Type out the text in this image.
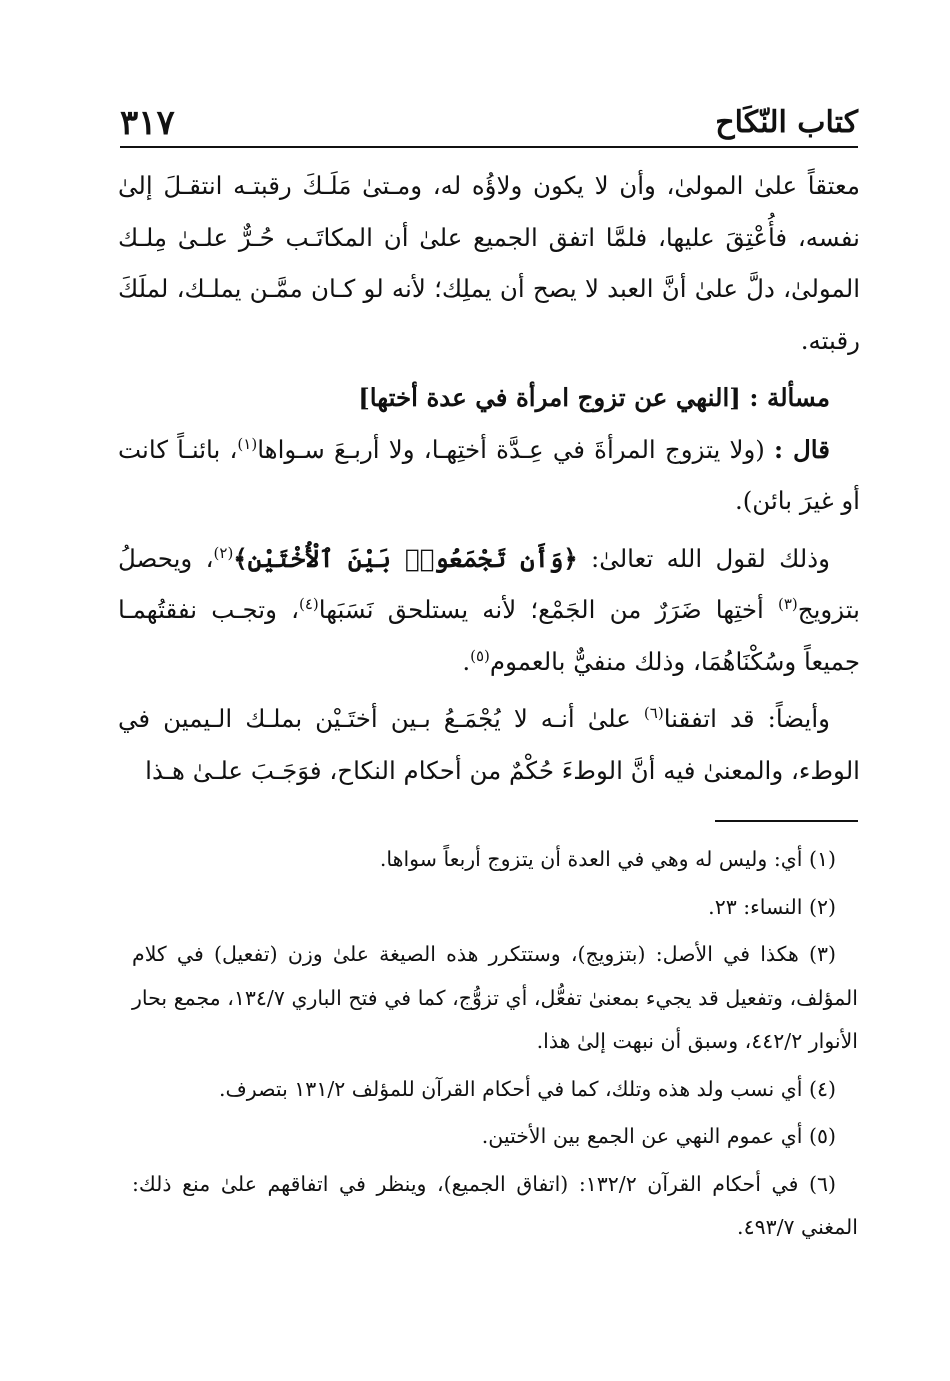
كتاب النّكَاح
٣١٧

معتقاً علىٰ المولىٰ، وأن لا يكون ولاؤُه له، ومـتىٰ مَلَـكَ رقبتـه انتقـلَ إلىٰ نفسه، فأُعْتِقَ عليها، فلمَّا اتفق الجميع علىٰ أن المكاتَـب حُـرٌّ علـىٰ مِلـك المولىٰ، دلَّ علىٰ أنَّ العبد لا يصح أن يملِك؛ لأنه لو كـان ممَّـن يملـك، لملَكَ رقبته.

مسألة : [النهي عن تزوج امرأة في عدة أختها]

قال : (ولا يتزوج المرأةَ في عِـدَّة أختِهـا، ولا أربـعَ سـواها$^{(١)}$، بائنـاً كانت أو غيرَ بائن).

وذلك لقول الله تعالىٰ: ﴿وَأَن تَجْمَعُوا۟ بَيْنَ ٱلْأُخْتَيْنِ﴾$^{(٢)}$، ويحصلُ بتزويج$^{(٣)}$ أختِها ضَرَرٌ من الجَمْع؛ لأنه يستلحق نَسَبَها$^{(٤)}$، وتجـب نفقتُهمـا جميعاً وسُكْنَاهُمَا، وذلك منفيٌّ بالعموم$^{(٥)}$.

وأيضاً: قد اتفقنا$^{(٦)}$ علىٰ أنـه لا يُجْمَـعُ بـين أختَـيْن بملـك الـيمين في الوطء، والمعنىٰ فيه أنَّ الوطءَ حُكْمٌ من أحكام النكاح، فوَجَـبَ علـىٰ هـذا

(١) أي: وليس له وهي في العدة أن يتزوج أربعاً سواها.

(٢) النساء: ٢٣.

(٣) هكذا في الأصل: (بتزويج)، وستتكرر هذه الصيغة علىٰ وزن (تفعيل) في كلام المؤلف، وتفعيل قد يجيء بمعنىٰ تفعُّل، أي تزوُّج، كما في فتح الباري ١٣٤/٧، مجمع بحار الأنوار ٤٤٢/٢، وسبق أن نبهت إلىٰ هذا.

(٤) أي نسب ولد هذه وتلك، كما في أحكام القرآن للمؤلف ١٣١/٢ بتصرف.

(٥) أي عموم النهي عن الجمع بين الأختين.

(٦) في أحكام القرآن ١٣٢/٢: (اتفاق الجميع)، وينظر في اتفاقهم علىٰ منع ذلك: المغني ٤٩٣/٧.
